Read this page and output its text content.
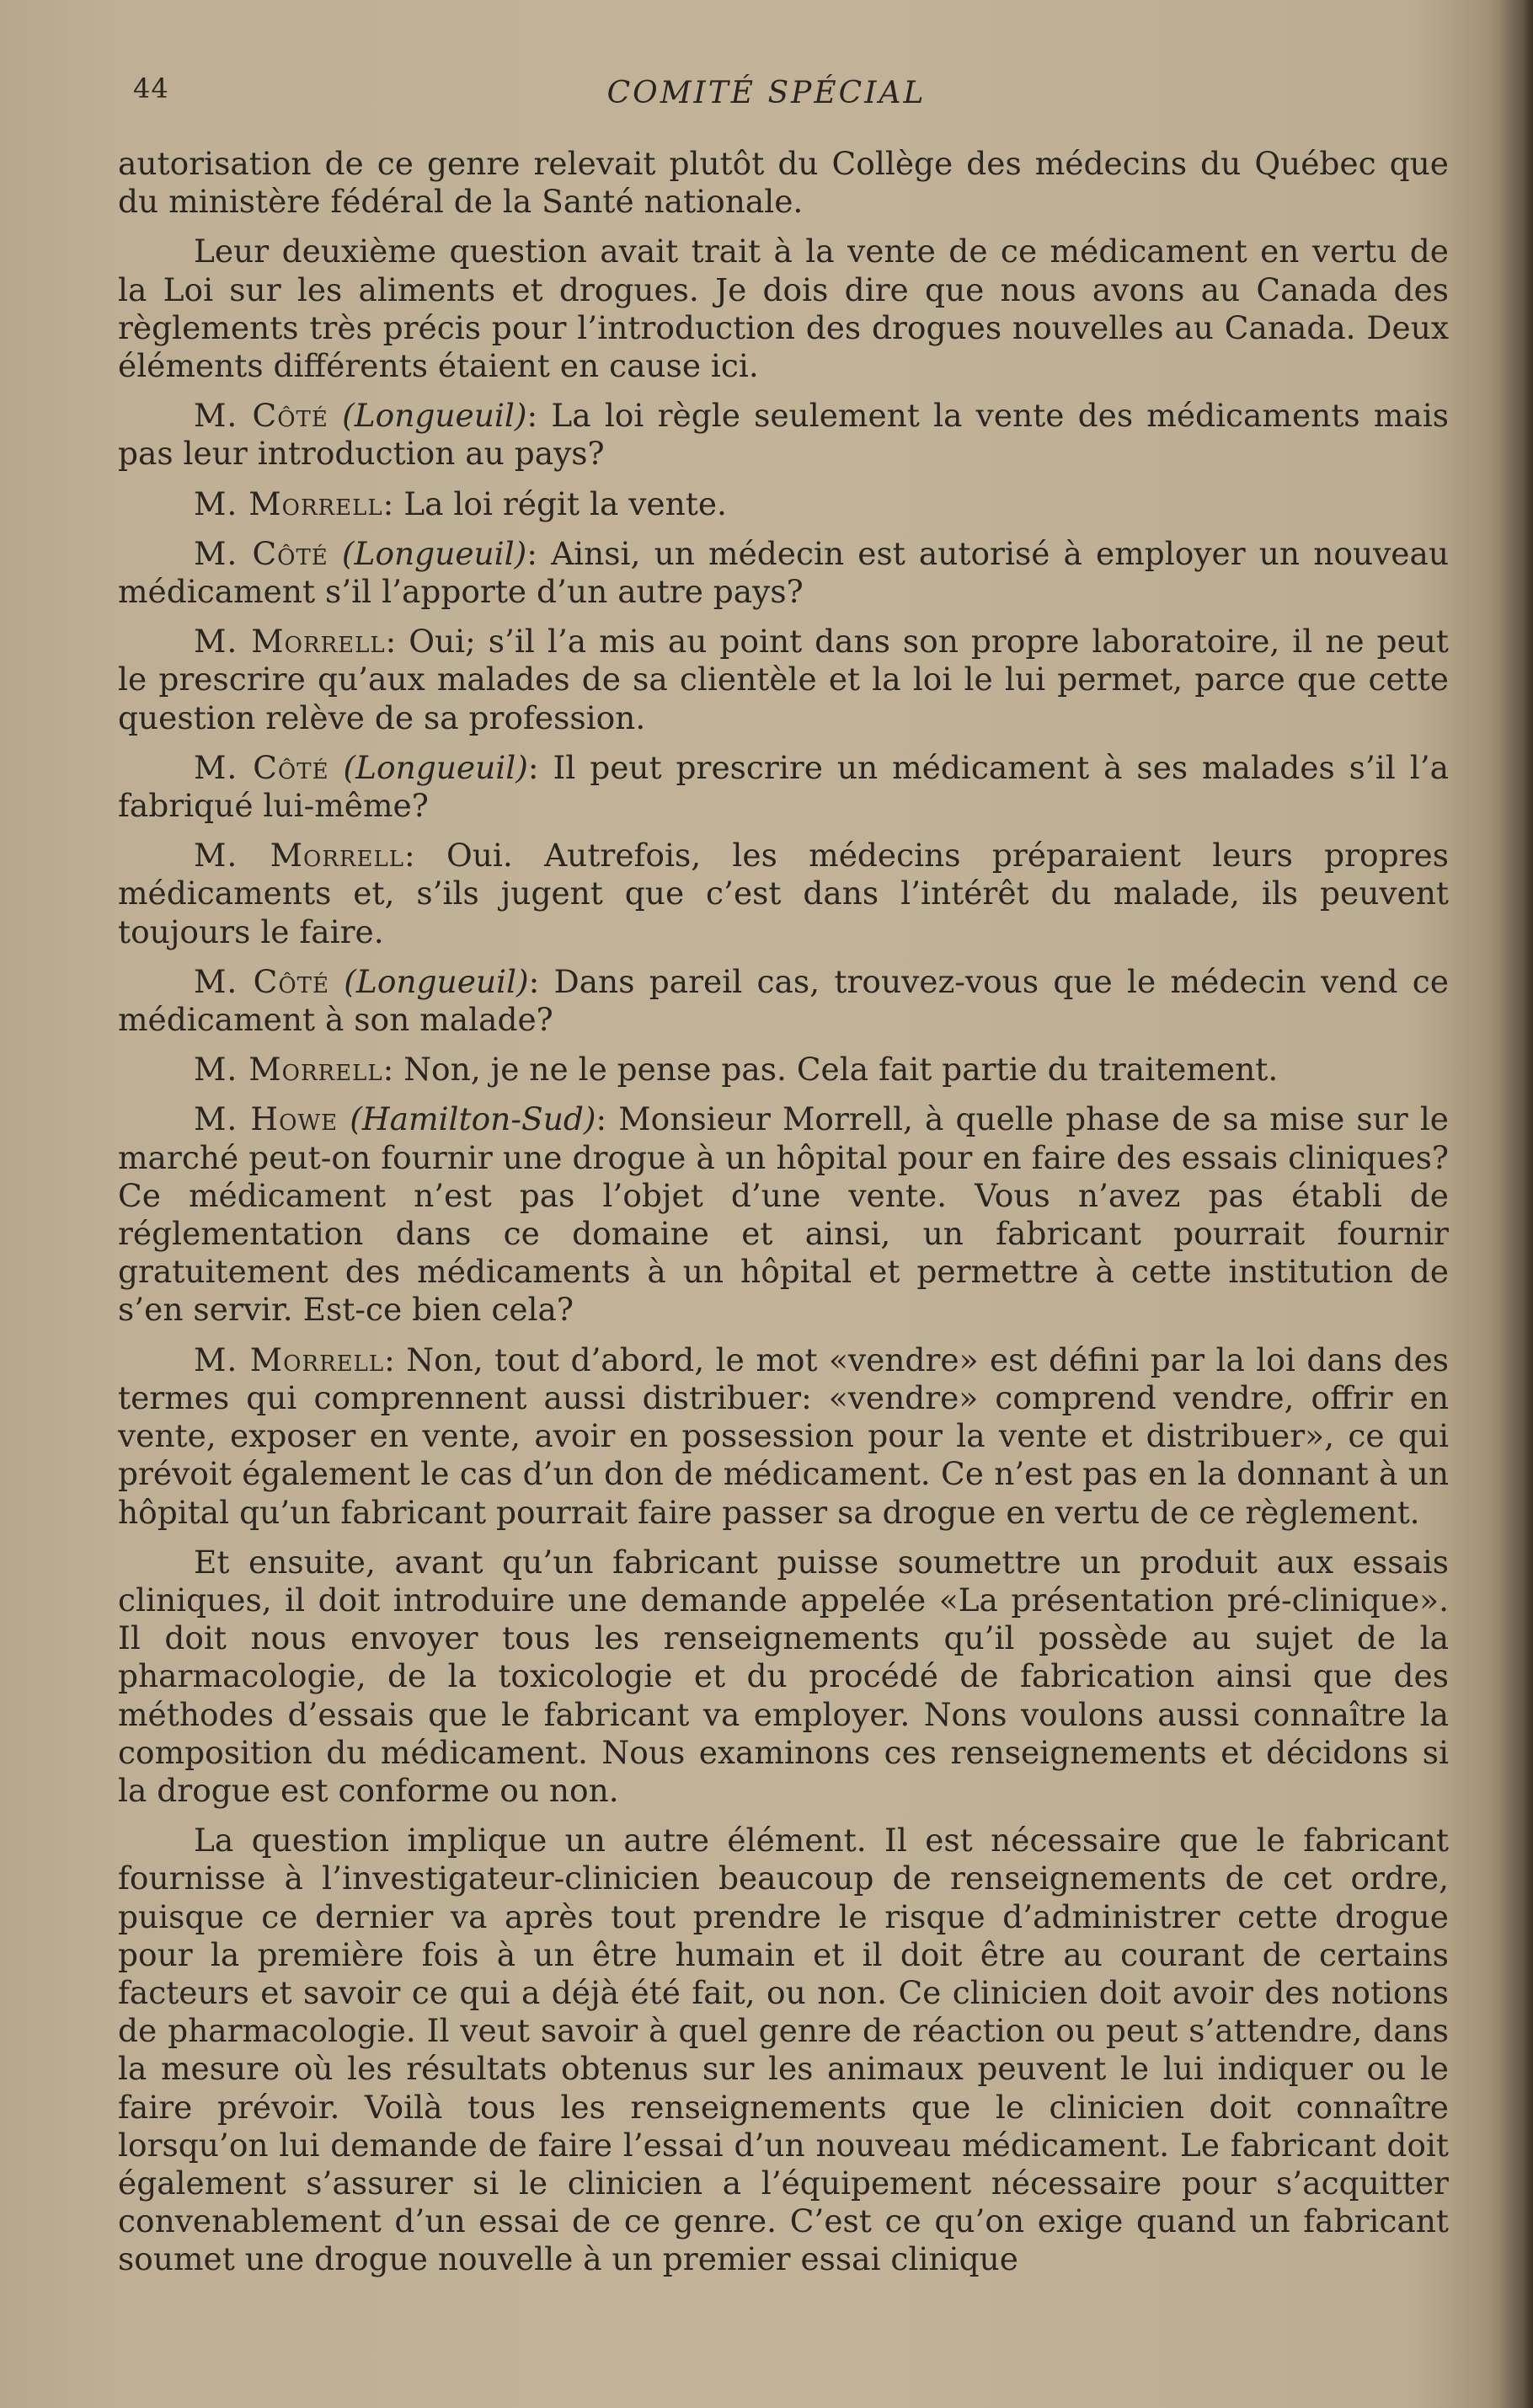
44	COMITÉ SPÉCIAL

autorisation de ce genre relevait plutôt du Collège des médecins du Québec que du ministère fédéral de la Santé nationale.

Leur deuxième question avait trait à la vente de ce médicament en vertu de la Loi sur les aliments et drogues. Je dois dire que nous avons au Canada des règlements très précis pour l’introduction des drogues nouvelles au Canada. Deux éléments différents étaient en cause ici.

M. Côté (Longueuil): La loi règle seulement la vente des médicaments mais pas leur introduction au pays?

M. Morrell: La loi régit la vente.

M. Côté (Longueuil): Ainsi, un médecin est autorisé à employer un nouveau médicament s’il l’apporte d’un autre pays?

M. Morrell: Oui; s’il l’a mis au point dans son propre laboratoire, il ne peut le prescrire qu’aux malades de sa clientèle et la loi le lui permet, parce que cette question relève de sa profession.

M. Côté (Longueuil): Il peut prescrire un médicament à ses malades s’il l’a fabriqué lui-même?

M. Morrell: Oui. Autrefois, les médecins préparaient leurs propres médicaments et, s’ils jugent que c’est dans l’intérêt du malade, ils peuvent toujours le faire.

M. Côté (Longueuil): Dans pareil cas, trouvez-vous que le médecin vend ce médicament à son malade?

M. Morrell: Non, je ne le pense pas. Cela fait partie du traitement.

M. Howe (Hamilton-Sud): Monsieur Morrell, à quelle phase de sa mise sur le marché peut-on fournir une drogue à un hôpital pour en faire des essais cliniques? Ce médicament n’est pas l’objet d’une vente. Vous n’avez pas établi de réglementation dans ce domaine et ainsi, un fabricant pourrait fournir gratuitement des médicaments à un hôpital et permettre à cette institution de s’en servir. Est-ce bien cela?

M. Morrell: Non, tout d’abord, le mot «vendre» est défini par la loi dans des termes qui comprennent aussi distribuer: «vendre» comprend vendre, offrir en vente, exposer en vente, avoir en possession pour la vente et distribuer», ce qui prévoit également le cas d’un don de médicament. Ce n’est pas en la donnant à un hôpital qu’un fabricant pourrait faire passer sa drogue en vertu de ce règlement.

Et ensuite, avant qu’un fabricant puisse soumettre un produit aux essais cliniques, il doit introduire une demande appelée «La présentation pré-clinique». Il doit nous envoyer tous les renseignements qu’il possède au sujet de la pharmacologie, de la toxicologie et du procédé de fabrication ainsi que des méthodes d’essais que le fabricant va employer. Nons voulons aussi connaître la composition du médicament. Nous examinons ces renseignements et décidons si la drogue est conforme ou non.

La question implique un autre élément. Il est nécessaire que le fabricant fournisse à l’investigateur-clinicien beaucoup de renseignements de cet ordre, puisque ce dernier va après tout prendre le risque d’administrer cette drogue pour la première fois à un être humain et il doit être au courant de certains facteurs et savoir ce qui a déjà été fait, ou non. Ce clinicien doit avoir des notions de pharmacologie. Il veut savoir à quel genre de réaction ou peut s’attendre, dans la mesure où les résultats obtenus sur les animaux peuvent le lui indiquer ou le faire prévoir. Voilà tous les renseignements que le clinicien doit connaître lorsqu’on lui demande de faire l’essai d’un nouveau médicament. Le fabricant doit également s’assurer si le clinicien a l’équipement nécessaire pour s’acquitter convenablement d’un essai de ce genre. C’est ce qu’on exige quand un fabricant soumet une drogue nouvelle à un premier essai clinique
